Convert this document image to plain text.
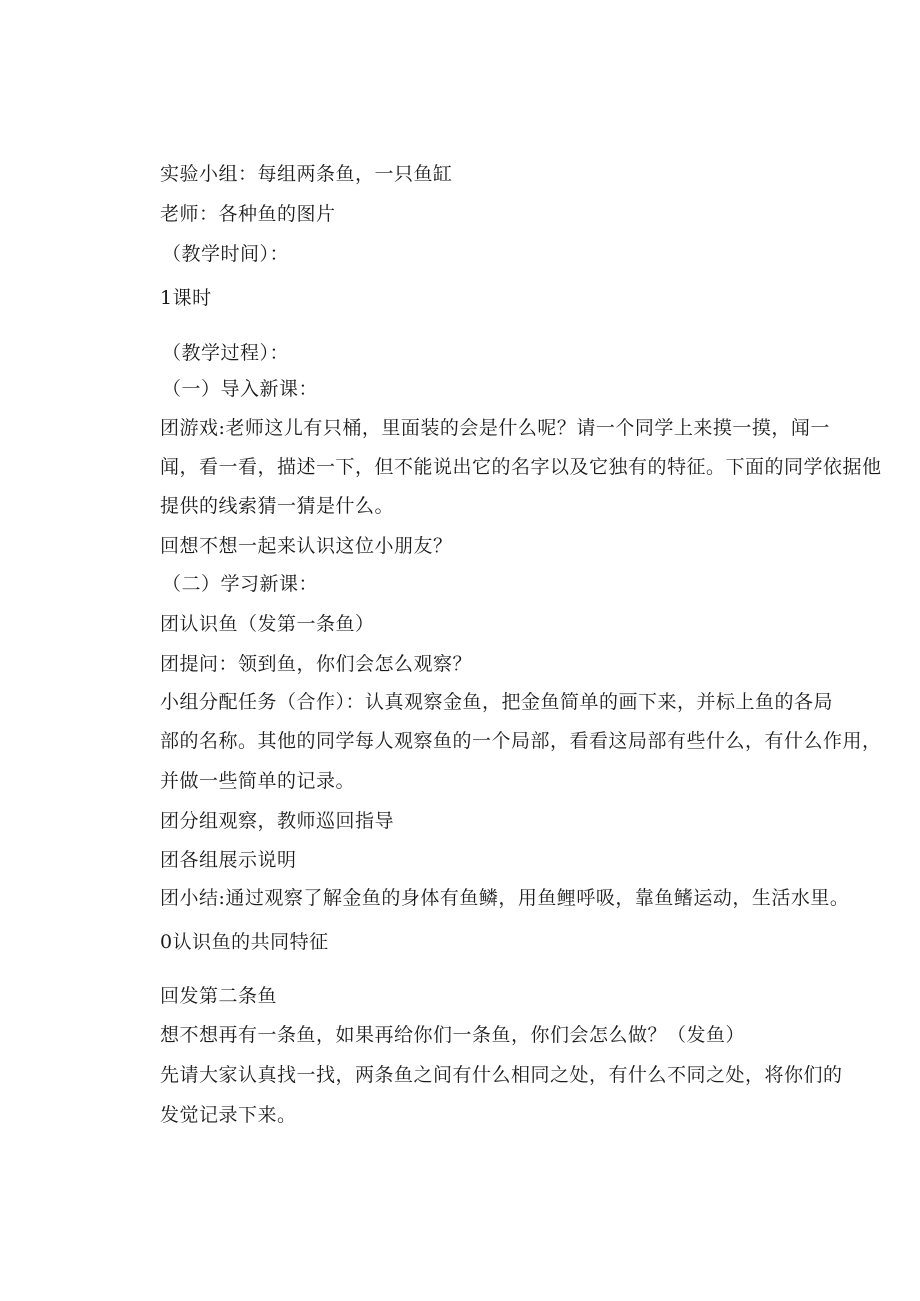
实验小组：每组两条鱼，一只鱼缸
老师：各种鱼的图片
（教学时间）：
1课时
（教学过程）：
（一）导入新课：
团游戏:老师这儿有只桶，里面装的会是什么呢？请一个同学上来摸一摸，闻一
闻，看一看，描述一下，但不能说出它的名字以及它独有的特征。下面的同学依据他
提供的线索猜一猜是什么。
回想不想一起来认识这位小朋友？
（二）学习新课：
团认识鱼（发第一条鱼）
团提问：领到鱼，你们会怎么观察？
小组分配任务（合作）：认真观察金鱼，把金鱼简单的画下来，并标上鱼的各局
部的名称。其他的同学每人观察鱼的一个局部，看看这局部有些什么，有什么作用，
并做一些简单的记录。
团分组观察，教师巡回指导
团各组展示说明
团小结:通过观察了解金鱼的身体有鱼鳞，用鱼鲤呼吸，靠鱼鳍运动，生活水里。
0认识鱼的共同特征
回发第二条鱼
想不想再有一条鱼，如果再给你们一条鱼，你们会怎么做？（发鱼）
先请大家认真找一找，两条鱼之间有什么相同之处，有什么不同之处，将你们的
发觉记录下来。
